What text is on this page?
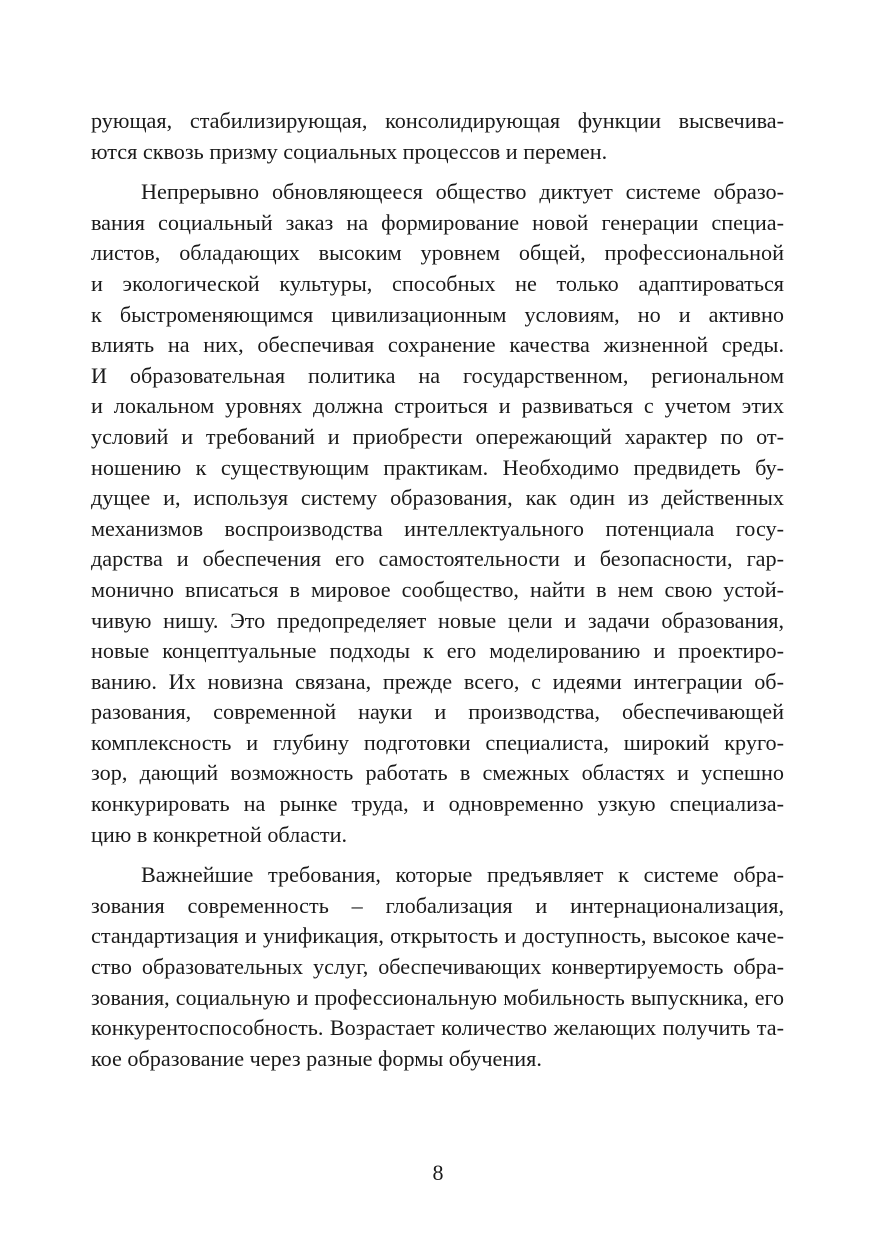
рующая, стабилизирующая, консолидирующая функции высвечива-
ются сквозь призму социальных процессов и перемен.
Непрерывно обновляющееся общество диктует системе образо-
вания социальный заказ на формирование новой генерации специа-
листов, обладающих высоким уровнем общей, профессиональной
и экологической культуры, способных не только адаптироваться
к быстроменяющимся цивилизационным условиям, но и активно
влиять на них, обеспечивая сохранение качества жизненной среды.
И образовательная политика на государственном, региональном
и локальном уровнях должна строиться и развиваться с учетом этих
условий и требований и приобрести опережающий характер по от-
ношению к существующим практикам. Необходимо предвидеть бу-
дущее и, используя систему образования, как один из действенных
механизмов воспроизводства интеллектуального потенциала госу-
дарства и обеспечения его самостоятельности и безопасности, гар-
монично вписаться в мировое сообщество, найти в нем свою устой-
чивую нишу. Это предопределяет новые цели и задачи образования,
новые концептуальные подходы к его моделированию и проектиро-
ванию. Их новизна связана, прежде всего, с идеями интеграции об-
разования, современной науки и производства, обеспечивающей
комплексность и глубину подготовки специалиста, широкий круго-
зор, дающий возможность работать в смежных областях и успешно
конкурировать на рынке труда, и одновременно узкую специализа-
цию в конкретной области.
Важнейшие требования, которые предъявляет к системе обра-
зования современность – глобализация и интернационализация,
стандартизация и унификация, открытость и доступность, высокое каче-
ство образовательных услуг, обеспечивающих конвертируемость обра-
зования, социальную и профессиональную мобильность выпускника, его
конкурентоспособность. Возрастает количество желающих получить та-
кое образование через разные формы обучения.
8
